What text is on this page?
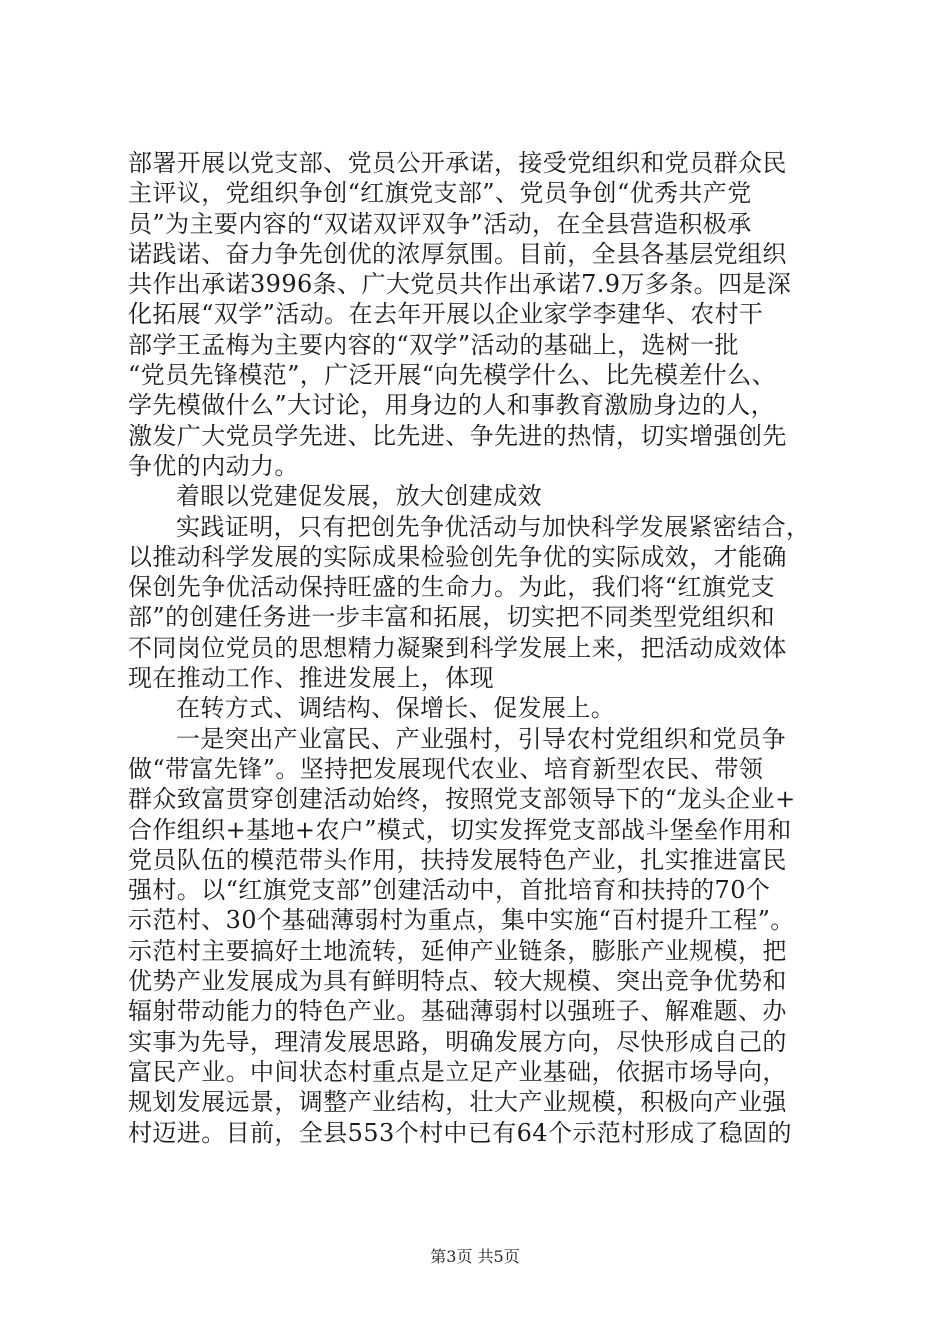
部署开展以党支部、党员公开承诺，接受党组织和党员群众民
主评议，党组织争创“红旗党支部”、党员争创“优秀共产党
员”为主要内容的“双诺双评双争”活动，在全县营造积极承
诺践诺、奋力争先创优的浓厚氛围。目前，全县各基层党组织
共作出承诺3996条、广大党员共作出承诺7.9万多条。四是深
化拓展“双学”活动。在去年开展以企业家学李建华、农村干
部学王孟梅为主要内容的“双学”活动的基础上，选树一批
“党员先锋模范”，广泛开展“向先模学什么、比先模差什么、
学先模做什么”大讨论，用身边的人和事教育激励身边的人，
激发广大党员学先进、比先进、争先进的热情，切实增强创先
争优的内动力。
着眼以党建促发展，放大创建成效
实践证明，只有把创先争优活动与加快科学发展紧密结合，
以推动科学发展的实际成果检验创先争优的实际成效，才能确
保创先争优活动保持旺盛的生命力。为此，我们将“红旗党支
部”的创建任务进一步丰富和拓展，切实把不同类型党组织和
不同岗位党员的思想精力凝聚到科学发展上来，把活动成效体
现在推动工作、推进发展上，体现
在转方式、调结构、保增长、促发展上。
一是突出产业富民、产业强村，引导农村党组织和党员争
做“带富先锋”。坚持把发展现代农业、培育新型农民、带领
群众致富贯穿创建活动始终，按照党支部领导下的“龙头企业+
合作组织+基地+农户”模式，切实发挥党支部战斗堡垒作用和
党员队伍的模范带头作用，扶持发展特色产业，扎实推进富民
强村。以“红旗党支部”创建活动中，首批培育和扶持的70个
示范村、30个基础薄弱村为重点，集中实施“百村提升工程”。
示范村主要搞好土地流转，延伸产业链条，膨胀产业规模，把
优势产业发展成为具有鲜明特点、较大规模、突出竞争优势和
辐射带动能力的特色产业。基础薄弱村以强班子、解难题、办
实事为先导，理清发展思路，明确发展方向，尽快形成自己的
富民产业。中间状态村重点是立足产业基础，依据市场导向，
规划发展远景，调整产业结构，壮大产业规模，积极向产业强
村迈进。目前，全县553个村中已有64个示范村形成了稳固的
第3页 共5页
